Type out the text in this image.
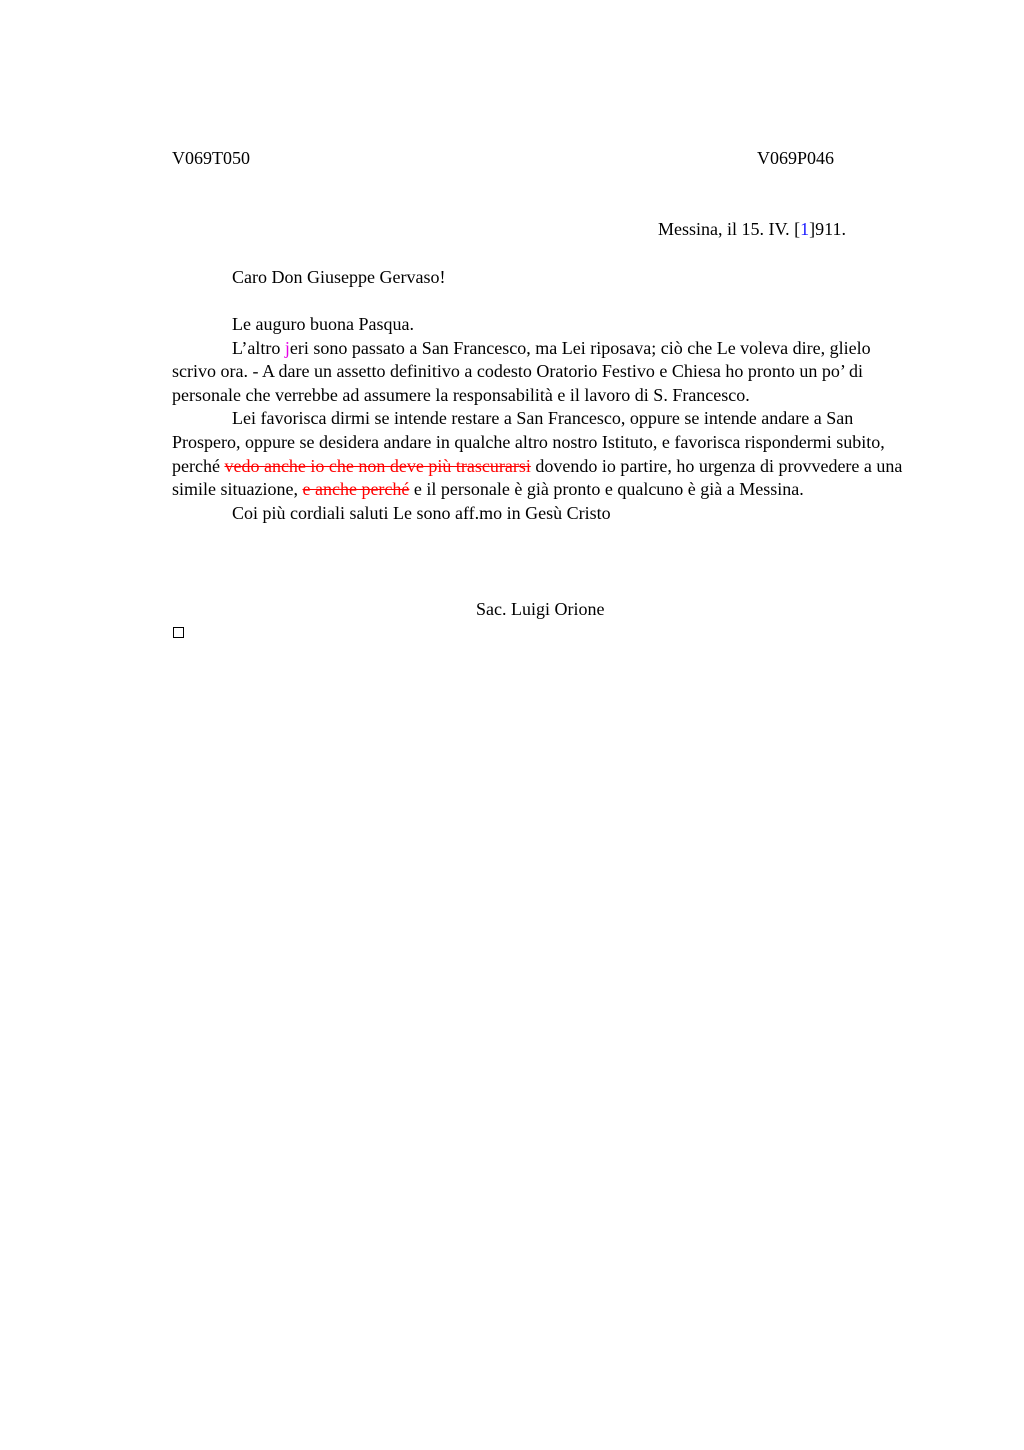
V069T050	V069P046
Messina, il 15. IV. [1]911.
Caro Don Giuseppe Gervaso!

Le auguro buona Pasqua.

L’altro jeri sono passato a San Francesco, ma Lei riposava; ciò che Le voleva dire, glielo scrivo ora. - A dare un assetto definitivo a codesto Oratorio Festivo e Chiesa ho pronto un po’ di personale che verrebbe ad assumere la responsabilità e il lavoro di S. Francesco.

Lei favorisca dirmi se intende restare a San Francesco, oppure se intende andare a San Prospero, oppure se desidera andare in qualche altro nostro Istituto, e favorisca rispondermi subito, perché vedo anche io che non deve più trascurarsi dovendo io partire, ho urgenza di provvedere a una simile situazione, e anche perché e il personale è già pronto e qualcuno è già a Messina.

Coi più cordiali saluti Le sono aff.mo in Gesù Cristo

Sac. Luigi Orione
